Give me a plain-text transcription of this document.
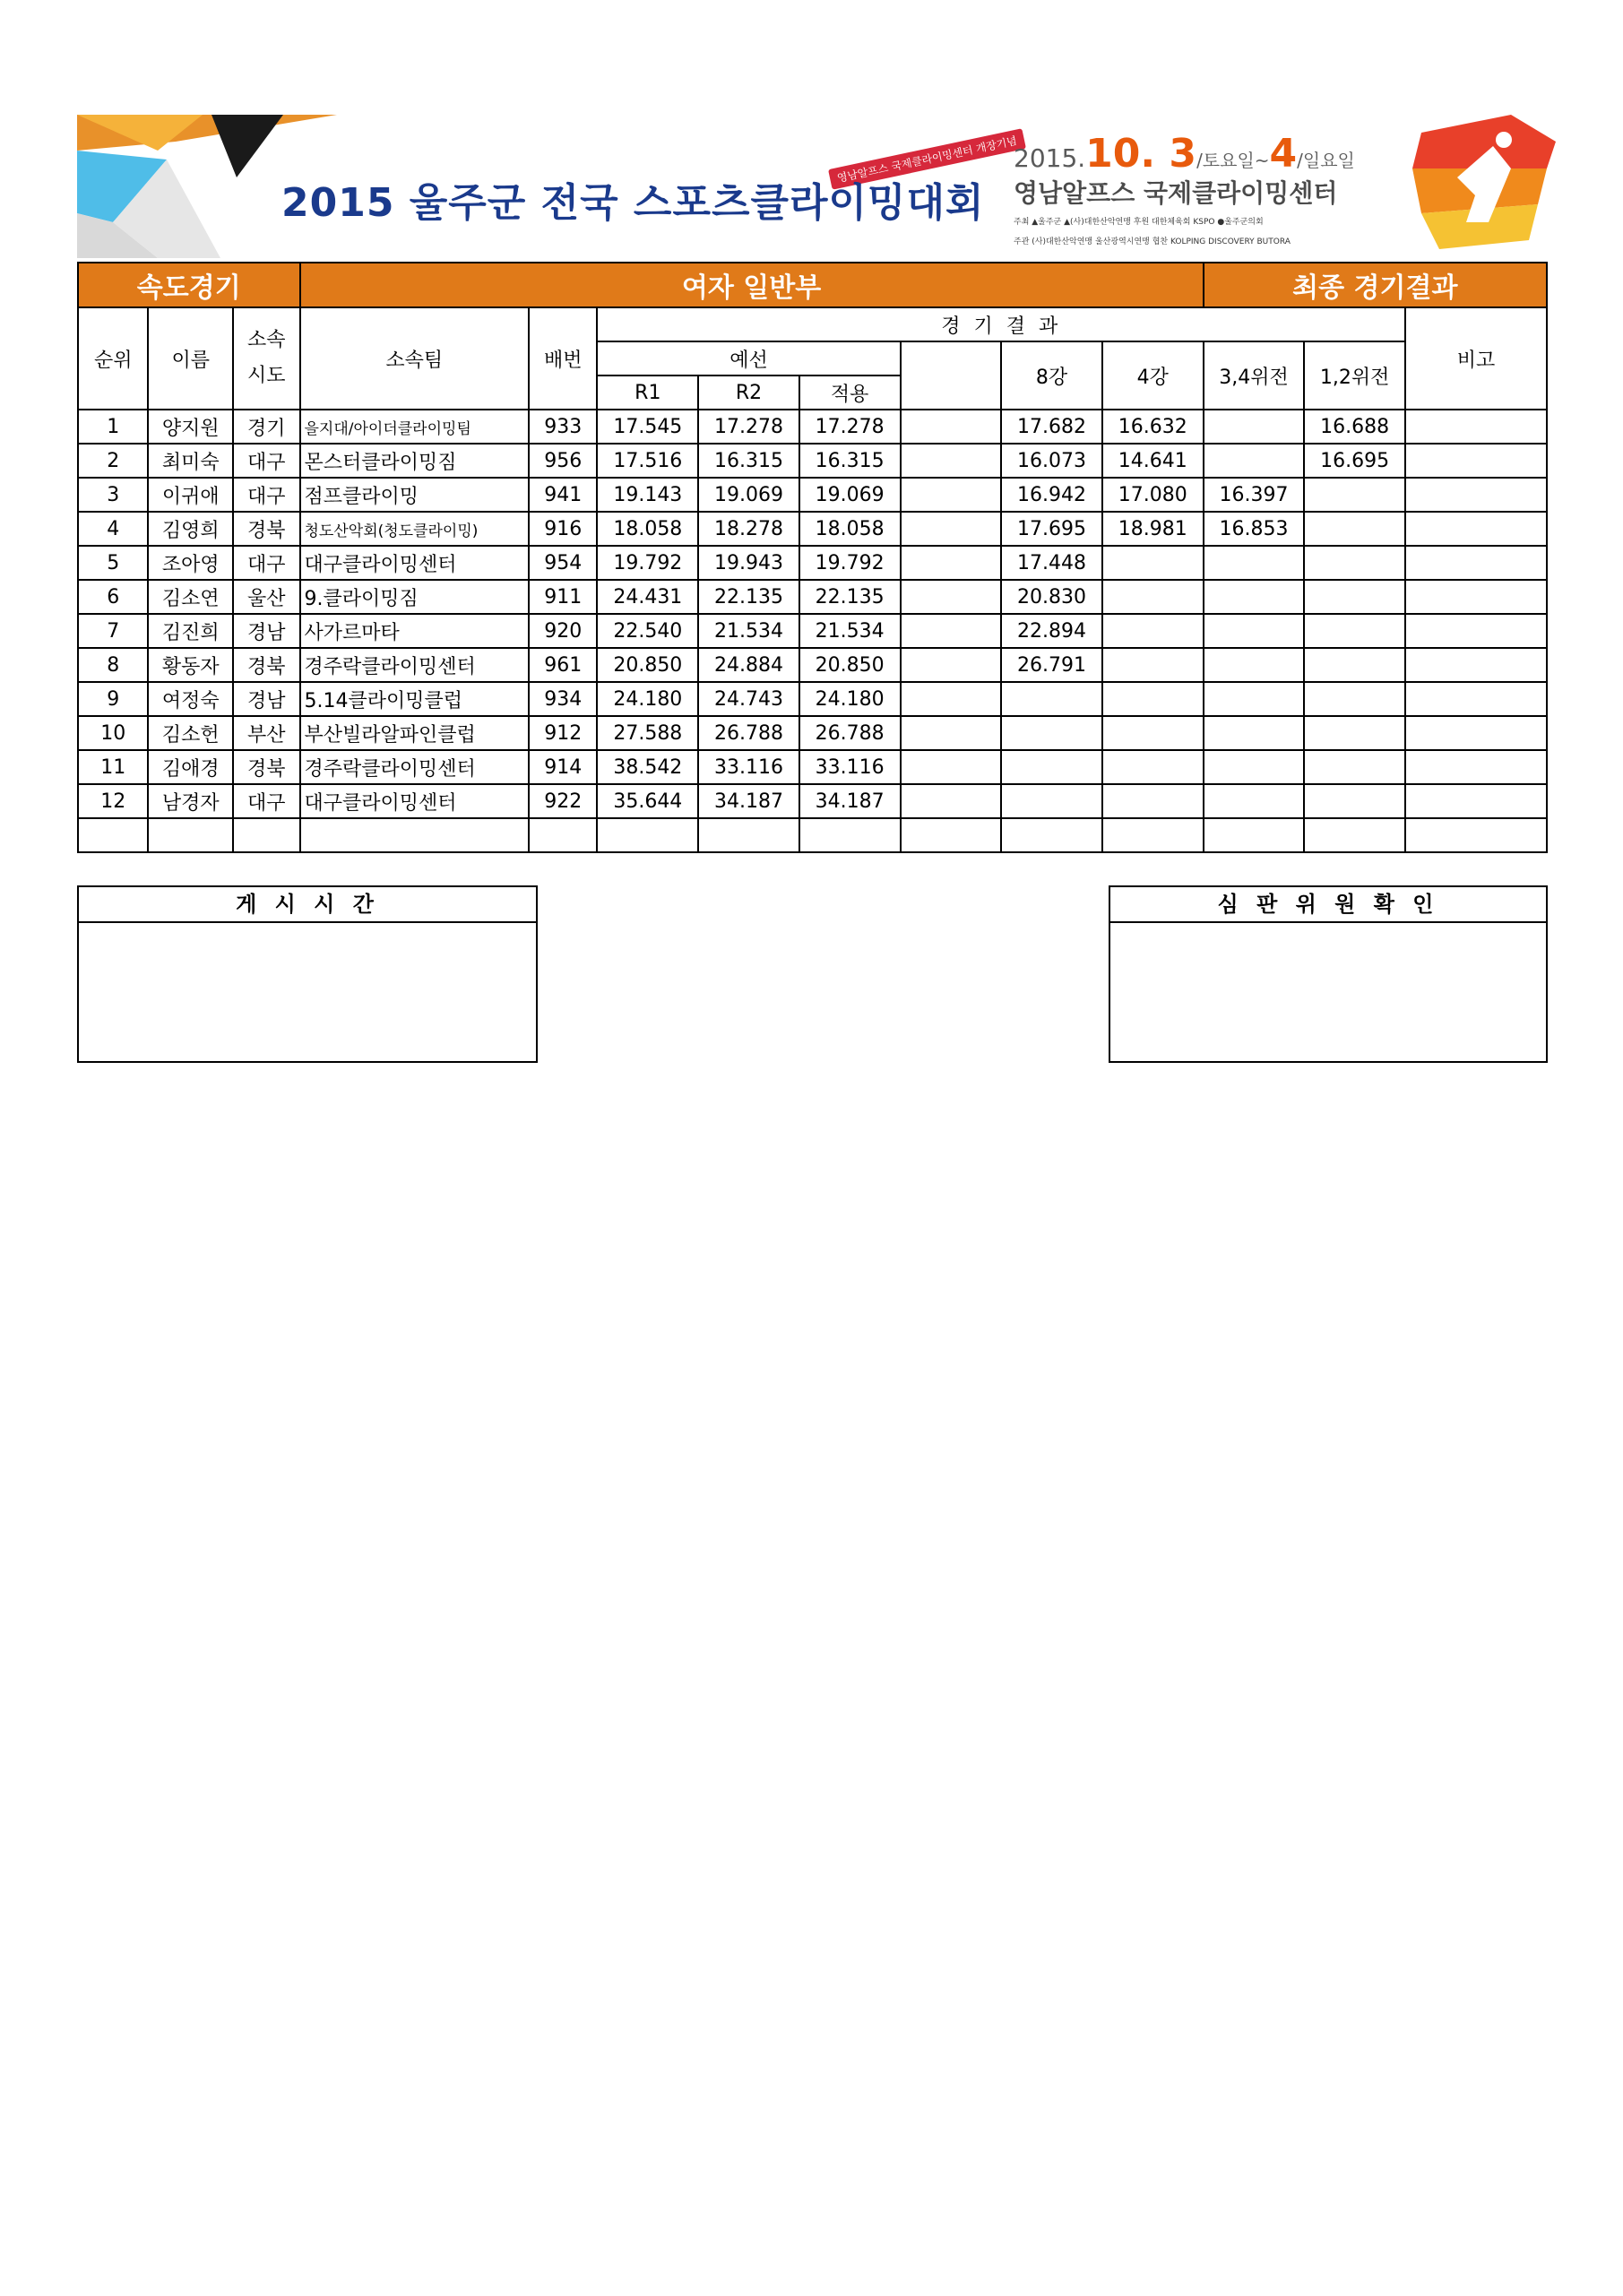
영남알프스 국제클라이밍센터 개장기념
2015 울주군 전국 스포츠클라이밍대회
2015.10. 3/토요일~4/일요일
영남알프스 국제클라이밍센터
주최 ▲울주군 ▲(사)대한산악연맹 후원 대한체육회 KSPO ●울주군의회
주관 (사)대한산악연맹 울산광역시연맹 협찬 KOLPING DISCOVERY BUTORA
속도경기			여자 일반부								최종 경기결과		
순위	이름	소속
시도	소속팀	배번	경 기 결 과								비고
					예선				8강	4강	3,4위전	1,2위전	
					R1	R2	적용						
1	양지원	경기	을지대/아이더클라이밍팀	933	17.545	17.278	17.278		17.682	16.632		16.688	
2	최미숙	대구	몬스터클라이밍짐	956	17.516	16.315	16.315		16.073	14.641		16.695	
3	이귀애	대구	점프클라이밍	941	19.143	19.069	19.069		16.942	17.080	16.397		
4	김영희	경북	청도산악회(청도클라이밍)	916	18.058	18.278	18.058		17.695	18.981	16.853		
5	조아영	대구	대구클라이밍센터	954	19.792	19.943	19.792		17.448				
6	김소연	울산	9.클라이밍짐	911	24.431	22.135	22.135		20.830				
7	김진희	경남	사가르마타	920	22.540	21.534	21.534		22.894				
8	황동자	경북	경주락클라이밍센터	961	20.850	24.884	20.850		26.791				
9	여정숙	경남	5.14클라이밍클럽	934	24.180	24.743	24.180						
10	김소헌	부산	부산빌라알파인클럽	912	27.588	26.788	26.788						
11	김애경	경북	경주락클라이밍센터	914	38.542	33.116	33.116						
12	남경자	대구	대구클라이밍센터	922	35.644	34.187	34.187						

게 시 시 간	심 판 위 원 확 인
